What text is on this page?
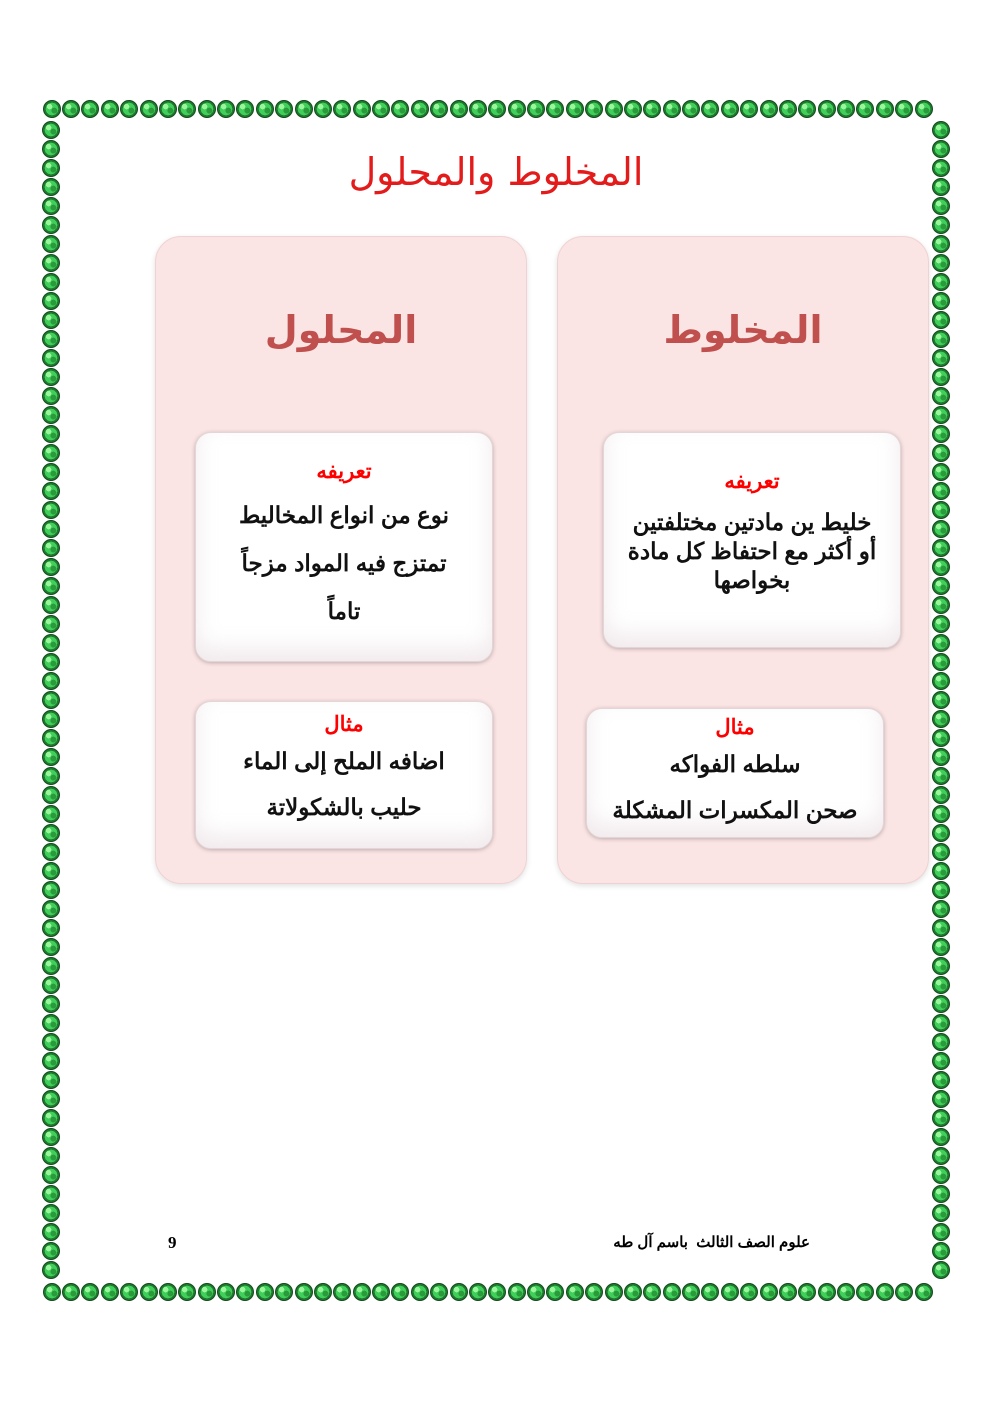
المخلوط والمحلول
المحلول
تعريفه
نوع من انواع المخاليط
تمتزج فيه المواد مزجاً
تاماً
مثال
اضافه الملح إلى الماء
حليب بالشكولاتة
المخلوط
تعريفه
خليط ين مادتين مختلفتين
أو أكثر مع احتفاظ كل مادة
بخواصها
مثال
سلطه الفواكه
صحن المكسرات المشكلة
علوم الصف الثالث  باسم آل طه
9
